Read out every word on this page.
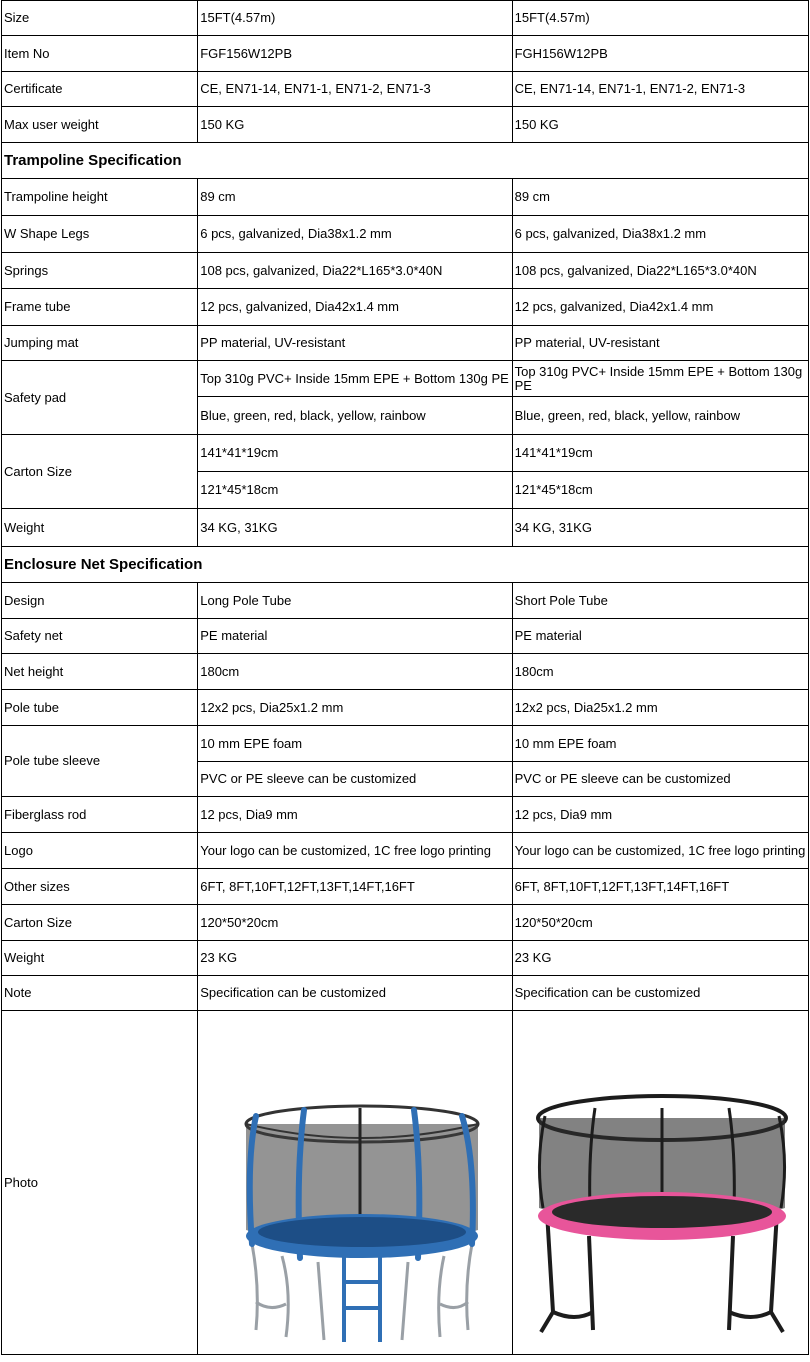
Size	15FT(4.57m)	15FT(4.57m)
Item No	FGF156W12PB	FGH156W12PB
Certificate	CE, EN71-14, EN71-1, EN71-2, EN71-3	CE, EN71-14, EN71-1, EN71-2, EN71-3
Max user weight	150 KG	150 KG
Trampoline Specification		
Trampoline height	89 cm	89 cm
W Shape Legs	6 pcs, galvanized, Dia38x1.2 mm	6 pcs, galvanized, Dia38x1.2 mm
Springs	108 pcs, galvanized, Dia22*L165*3.0*40N	108 pcs, galvanized, Dia22*L165*3.0*40N
Frame tube	12 pcs, galvanized, Dia42x1.4 mm	12 pcs, galvanized, Dia42x1.4 mm
Jumping mat	PP material, UV-resistant	PP material, UV-resistant
Safety pad	Top 310g PVC+ Inside 15mm EPE + Bottom 130g PE	Top 310g PVC+ Inside 15mm EPE + Bottom 130g PE
	Blue, green, red, black, yellow, rainbow	Blue, green, red, black, yellow, rainbow
Carton Size	141*41*19cm	141*41*19cm
	121*45*18cm	121*45*18cm
Weight	34 KG, 31KG	34 KG, 31KG
Enclosure Net Specification		
Design	Long Pole Tube	Short Pole Tube
Safety net	PE material	PE material
Net height	180cm	180cm
Pole tube	12x2 pcs, Dia25x1.2 mm	12x2 pcs, Dia25x1.2 mm
Pole tube sleeve	10 mm EPE foam	10 mm EPE foam
	PVC or PE sleeve can be customized	PVC or PE sleeve can be customized
Fiberglass rod	12 pcs, Dia9 mm	12 pcs, Dia9 mm
Logo	Your logo can be customized, 1C free logo printing	Your logo can be customized, 1C free logo printing
Other sizes	6FT, 8FT,10FT,12FT,13FT,14FT,16FT	6FT, 8FT,10FT,12FT,13FT,14FT,16FT
Carton Size	120*50*20cm	120*50*20cm
Weight	23 KG	23 KG
Note	Specification can be customized	Specification can be customized
Photo	
